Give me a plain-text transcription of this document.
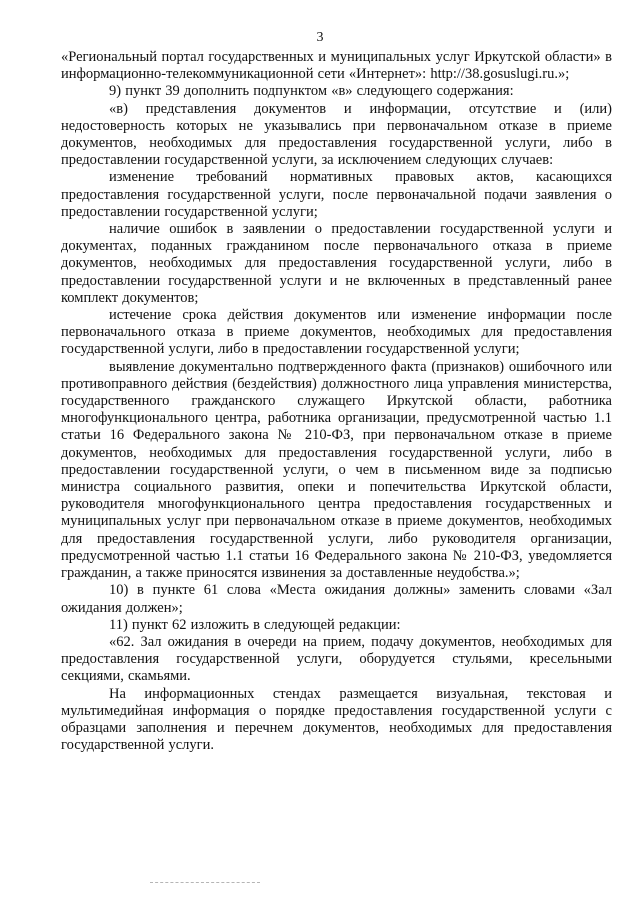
3

«Региональный портал государственных и муниципальных услуг Иркутской области» в информационно-телекоммуникационной сети «Интернет»: http://38.gosuslugi.ru.»;

9) пункт 39 дополнить подпунктом «в» следующего содержания:

«в) представления документов и информации, отсутствие и (или) недостоверность которых не указывались при первоначальном отказе в приеме документов, необходимых для предоставления государственной услуги, либо в предоставлении государственной услуги, за исключением следующих случаев:

изменение требований нормативных правовых актов, касающихся предоставления государственной услуги, после первоначальной подачи заявления о предоставлении государственной услуги;

наличие ошибок в заявлении о предоставлении государственной услуги и документах, поданных гражданином после первоначального отказа в приеме документов, необходимых для предоставления государственной услуги, либо в предоставлении государственной услуги и не включенных в представленный ранее комплект документов;

истечение срока действия документов или изменение информации после первоначального отказа в приеме документов, необходимых для предоставления государственной услуги, либо в предоставлении государственной услуги;

выявление документально подтвержденного факта (признаков) ошибочного или противоправного действия (бездействия) должностного лица управления министерства, государственного гражданского служащего Иркутской области, работника многофункционального центра, работника организации, предусмотренной частью 1.1 статьи 16 Федерального закона № 210-ФЗ, при первоначальном отказе в приеме документов, необходимых для предоставления государственной услуги, либо в предоставлении государственной услуги, о чем в письменном виде за подписью министра социального развития, опеки и попечительства Иркутской области, руководителя многофункционального центра предоставления государственных и муниципальных услуг при первоначальном отказе в приеме документов, необходимых для предоставления государственной услуги, либо руководителя организации, предусмотренной частью 1.1 статьи 16 Федерального закона № 210-ФЗ, уведомляется гражданин, а также приносятся извинения за доставленные неудобства.»;

10) в пункте 61 слова «Места ожидания должны» заменить словами «Зал ожидания должен»;

11) пункт 62 изложить в следующей редакции:

«62. Зал ожидания в очереди на прием, подачу документов, необходимых для предоставления государственной услуги, оборудуется стульями, кресельными секциями, скамьями.

На информационных стендах размещается визуальная, текстовая и мультимедийная информация о порядке предоставления государственной услуги с образцами заполнения и перечнем документов, необходимых для предоставления государственной услуги.
